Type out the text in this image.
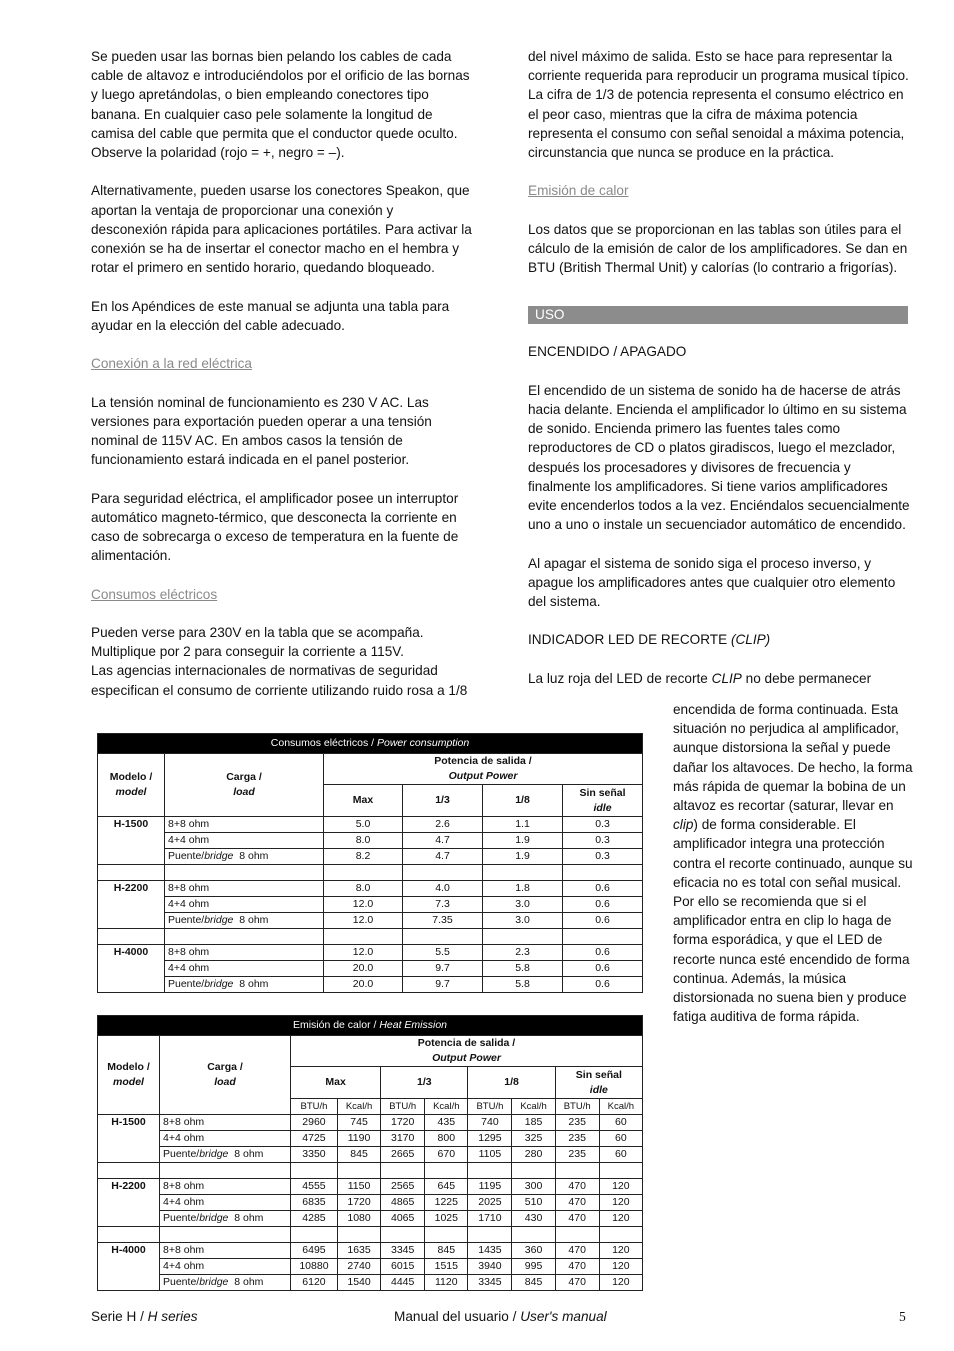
Se pueden usar las bornas bien pelando los cables de cada cable de altavoz e introduciéndolos por el orificio de las bornas y luego apretándolas, o bien empleando conectores tipo banana. En cualquier caso pele solamente la longitud de camisa del cable que permita que el conductor quede oculto. Observe la polaridad (rojo = +, negro = –).

Alternativamente, pueden usarse los conectores Speakon, que aportan la ventaja de proporcionar una conexión y desconexión rápida para aplicaciones portátiles. Para activar la conexión se ha de insertar el conector macho en el hembra y rotar el primero en sentido horario, quedando bloqueado.

En los Apéndices de este manual se adjunta una tabla para ayudar en la elección del cable adecuado.

Conexión a la red eléctrica

La tensión nominal de funcionamiento es 230 V AC. Las versiones para exportación pueden operar a una tensión nominal de 115V AC. En ambos casos la tensión de funcionamiento estará indicada en el panel posterior.

Para seguridad eléctrica, el amplificador posee un interruptor automático magneto-térmico, que desconecta la corriente en caso de sobrecarga o exceso de temperatura en la fuente de alimentación.

Consumos eléctricos
Pueden verse para 230V en la tabla que se acompaña.
Multiplique por 2 para conseguir la corriente a 115V.
Las agencias internacionales de normativas de seguridad especifican el consumo de corriente utilizando ruido rosa a 1/8

del nivel máximo de salida. Esto se hace para representar la corriente requerida para reproducir un programa musical típico. La cifra de 1/3 de potencia representa el consumo eléctrico en el peor caso, mientras que la cifra de máxima potencia representa el consumo con señal senoidal a máxima potencia, circunstancia que nunca se produce en la práctica.

Emisión de calor

Los datos que se proporcionan en las tablas son útiles para el cálculo de la emisión de calor de los amplificadores. Se dan en BTU (British Thermal Unit) y calorías (lo contrario a frigorías).

USO
ENCENDIDO / APAGADO

El encendido de un sistema de sonido ha de hacerse de atrás hacia delante. Encienda el amplificador lo último en su sistema de sonido. Encienda primero las fuentes tales como reproductores de CD o platos giradiscos, luego el mezclador, después los procesadores y divisores de frecuencia y finalmente los amplificadores. Si tiene varios amplificadores evite encenderlos todos a la vez. Enciéndalos secuencialmente uno a uno o instale un secuenciador automático de encendido.

Al apagar el sistema de sonido siga el proceso inverso, y apague los amplificadores antes que cualquier otro elemento del sistema.

INDICADOR LED DE RECORTE (CLIP)
La luz roja del LED de recorte CLIP no debe permanecer
encendida de forma continuada. Esta situación no perjudica al amplificador, aunque distorsiona la señal y puede dañar los altavoces. De hecho, la forma más rápida de quemar la bobina de un altavoz es recortar (saturar, llevar en clip) de forma considerable. El amplificador integra una protección contra el recorte continuado, aunque su eficacia no es total con señal musical. Por ello se recomienda que si el amplificador entra en clip lo haga de forma esporádica, y que el LED de recorte nunca esté encendido de forma continua. Además, la música distorsionada no suena bien y produce fatiga auditiva de forma rápida.
Consumos eléctricos / Power consumption					
Modelo /
model	Carga /
load	Potencia de salida /
Output Power			
		Max	1/3	1/8	Sin señal
idle
H-1500	8+8 ohm	5.0	2.6	1.1	0.3
	4+4 ohm	8.0	4.7	1.9	0.3
	Puente/bridge 8 ohm	8.2	4.7	1.9	0.3

H-2200	8+8 ohm	8.0	4.0	1.8	0.6
	4+4 ohm	12.0	7.3	3.0	0.6
	Puente/bridge 8 ohm	12.0	7.35	3.0	0.6

H-4000	8+8 ohm	12.0	5.5	2.3	0.6
	4+4 ohm	20.0	9.7	5.8	0.6
	Puente/bridge 8 ohm	20.0	9.7	5.8	0.6
Emisión de calor / Heat Emission									
Modelo /
model	Carga /
load	Potencia de salida /
Output Power							
		Max		1/3		1/8		Sin señal
idle	
		BTU/h	Kcal/h	BTU/h	Kcal/h	BTU/h	Kcal/h	BTU/h	Kcal/h
H-1500	8+8 ohm	2960	745	1720	435	740	185	235	60
	4+4 ohm	4725	1190	3170	800	1295	325	235	60
	Puente/bridge 8 ohm	3350	845	2665	670	1105	280	235	60

H-2200	8+8 ohm	4555	1150	2565	645	1195	300	470	120
	4+4 ohm	6835	1720	4865	1225	2025	510	470	120
	Puente/bridge 8 ohm	4285	1080	4065	1025	1710	430	470	120

H-4000	8+8 ohm	6495	1635	3345	845	1435	360	470	120
	4+4 ohm	10880	2740	6015	1515	3940	995	470	120
	Puente/bridge 8 ohm	6120	1540	4445	1120	3345	845	470	120
Serie H / H series	Manual del usuario / User's manual	5
